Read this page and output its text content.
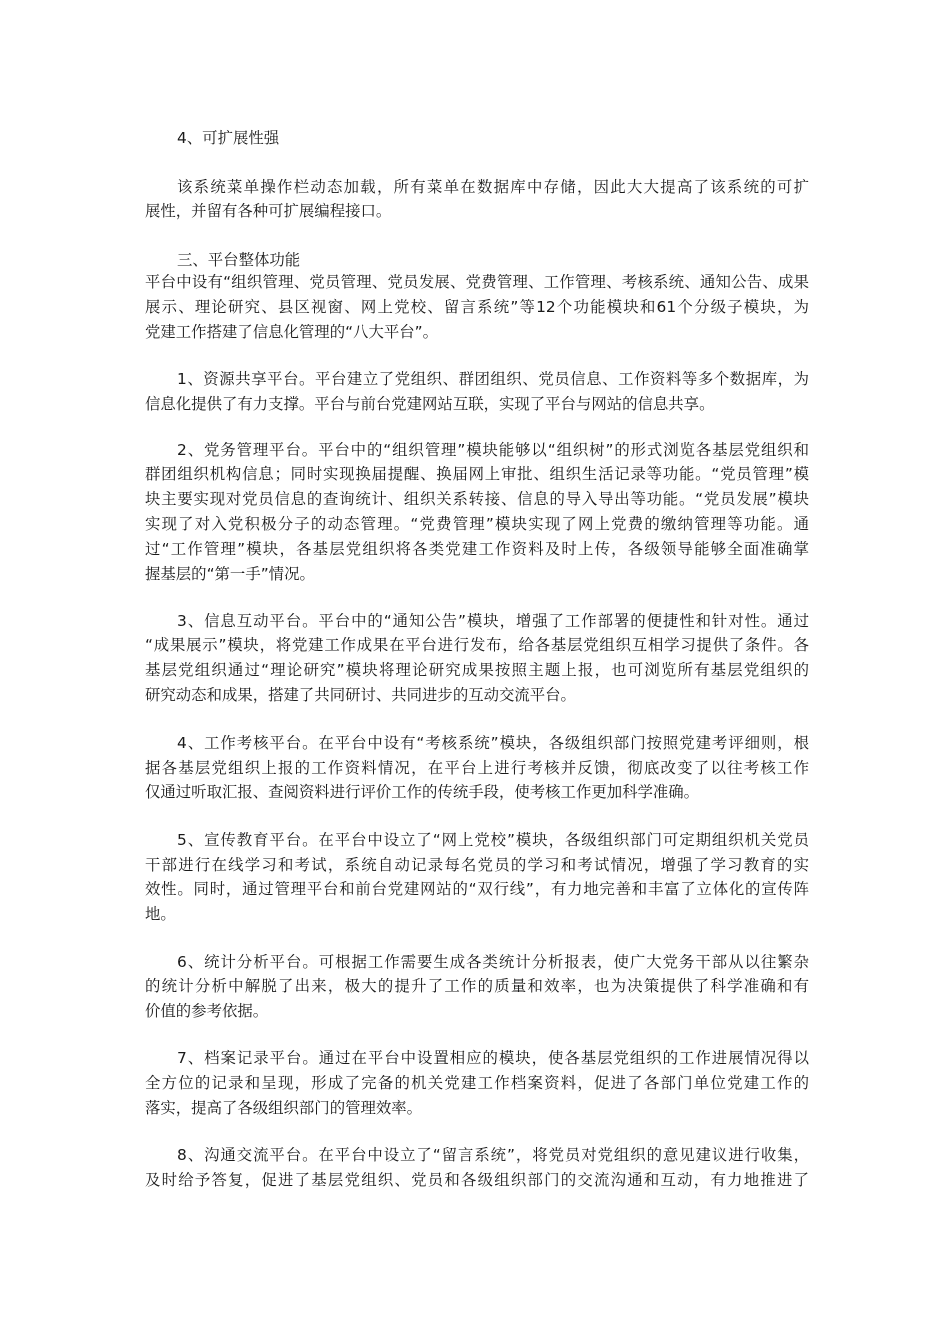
4、可扩展性强
该系统菜单操作栏动态加载，所有菜单在数据库中存储，因此大大提高了该系统的可扩
展性，并留有各种可扩展编程接口。
三、平台整体功能
平台中设有“组织管理、党员管理、党员发展、党费管理、工作管理、考核系统、通知公告、成果
展示、理论研究、县区视窗、网上党校、留言系统”等12个功能模块和61个分级子模块，为
党建工作搭建了信息化管理的“八大平台”。
1、资源共享平台。平台建立了党组织、群团组织、党员信息、工作资料等多个数据库，为
信息化提供了有力支撑。平台与前台党建网站互联，实现了平台与网站的信息共享。
2、党务管理平台。平台中的“组织管理”模块能够以“组织树”的形式浏览各基层党组织和
群团组织机构信息；同时实现换届提醒、换届网上审批、组织生活记录等功能。“党员管理”模
块主要实现对党员信息的查询统计、组织关系转接、信息的导入导出等功能。“党员发展”模块
实现了对入党积极分子的动态管理。“党费管理”模块实现了网上党费的缴纳管理等功能。通
过“工作管理”模块，各基层党组织将各类党建工作资料及时上传，各级领导能够全面准确掌
握基层的“第一手”情况。
3、信息互动平台。平台中的“通知公告”模块，增强了工作部署的便捷性和针对性。通过
“成果展示”模块，将党建工作成果在平台进行发布，给各基层党组织互相学习提供了条件。各
基层党组织通过“理论研究”模块将理论研究成果按照主题上报，也可浏览所有基层党组织的
研究动态和成果，搭建了共同研讨、共同进步的互动交流平台。
4、工作考核平台。在平台中设有“考核系统”模块，各级组织部门按照党建考评细则，根
据各基层党组织上报的工作资料情况，在平台上进行考核并反馈，彻底改变了以往考核工作
仅通过听取汇报、查阅资料进行评价工作的传统手段，使考核工作更加科学准确。
5、宣传教育平台。在平台中设立了“网上党校”模块，各级组织部门可定期组织机关党员
干部进行在线学习和考试，系统自动记录每名党员的学习和考试情况，增强了学习教育的实
效性。同时，通过管理平台和前台党建网站的“双行线”，有力地完善和丰富了立体化的宣传阵
地。
6、统计分析平台。可根据工作需要生成各类统计分析报表，使广大党务干部从以往繁杂
的统计分析中解脱了出来，极大的提升了工作的质量和效率，也为决策提供了科学准确和有
价值的参考依据。
7、档案记录平台。通过在平台中设置相应的模块，使各基层党组织的工作进展情况得以
全方位的记录和呈现，形成了完备的机关党建工作档案资料，促进了各部门单位党建工作的
落实，提高了各级组织部门的管理效率。
8、沟通交流平台。在平台中设立了“留言系统”，将党员对党组织的意见建议进行收集，
及时给予答复，促进了基层党组织、党员和各级组织部门的交流沟通和互动，有力地推进了
